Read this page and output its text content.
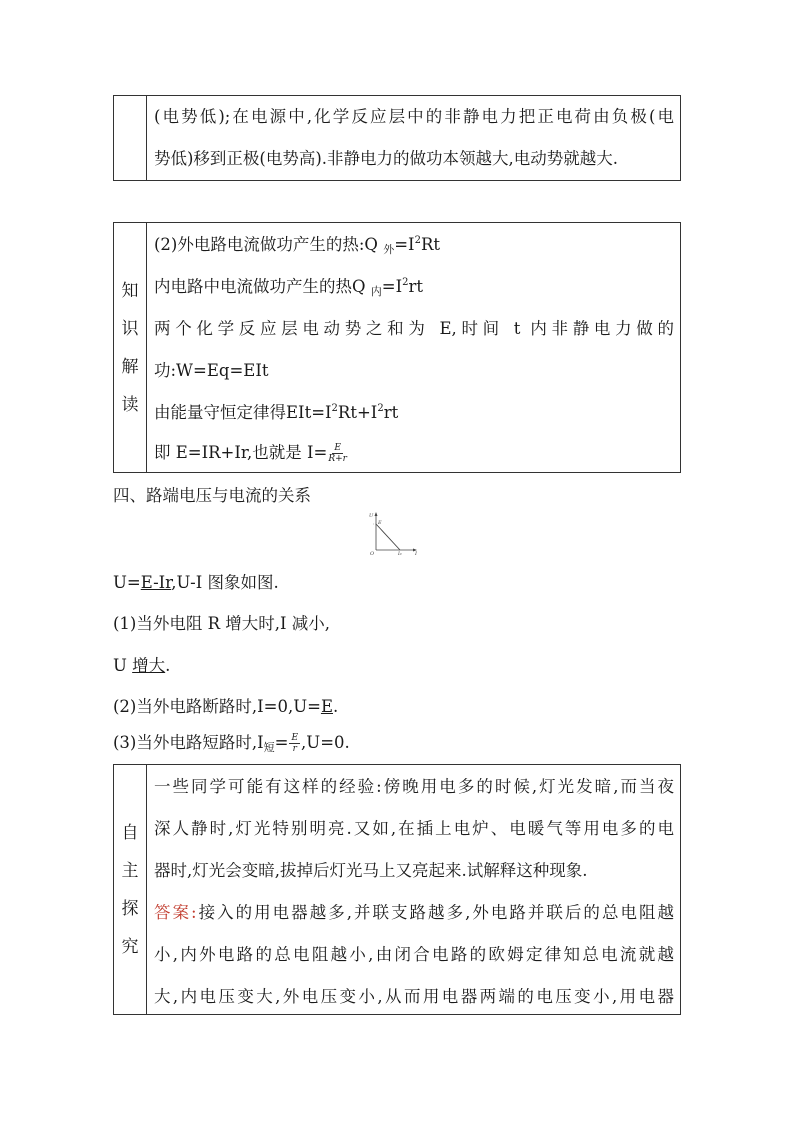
(电势低);在电源中,化学反应层中的非静电力把正电荷由负极(电
势低)移到正极(电势高).非静电力的做功本领越大,电动势就越大.
知
识
解
读
(2)外电路电流做功产生的热:Q $_外=I^2Rt$
内电路中电流做功产生的热Q $_内=I^2rt$
两个化学反应层电动势之和为 E,时间 t 内非静电力做的
功:W=Eq=EIt
由能量守恒定律得$EIt=I^2Rt+I^2rt$
即 E=IR+Ir,也就是 $I= \frac{E}{R+r}$
四、路端电压与电流的关系
U
E
O	I₀	I
U=E-Ir,U-I 图象如图.
(1)当外电阻 R 增大时,I 减小,
U 增大.
(2)当外电路断路时,I=0,U=E.
(3)当外电路短路时$,I_短= \frac{E}{r} ,U=0$.
自
主
探
究
一些同学可能有这样的经验:傍晚用电多的时候,灯光发暗,而当夜
深人静时,灯光特别明亮.又如,在插上电炉、电暖气等用电多的电
器时,灯光会变暗,拔掉后灯光马上又亮起来.试解释这种现象.
答案:接入的用电器越多,并联支路越多,外电路并联后的总电阻越
小,内外电路的总电阻越小,由闭合电路的欧姆定律知总电流就越
大,内电压变大,外电压变小,从而用电器两端的电压变小,用电器
